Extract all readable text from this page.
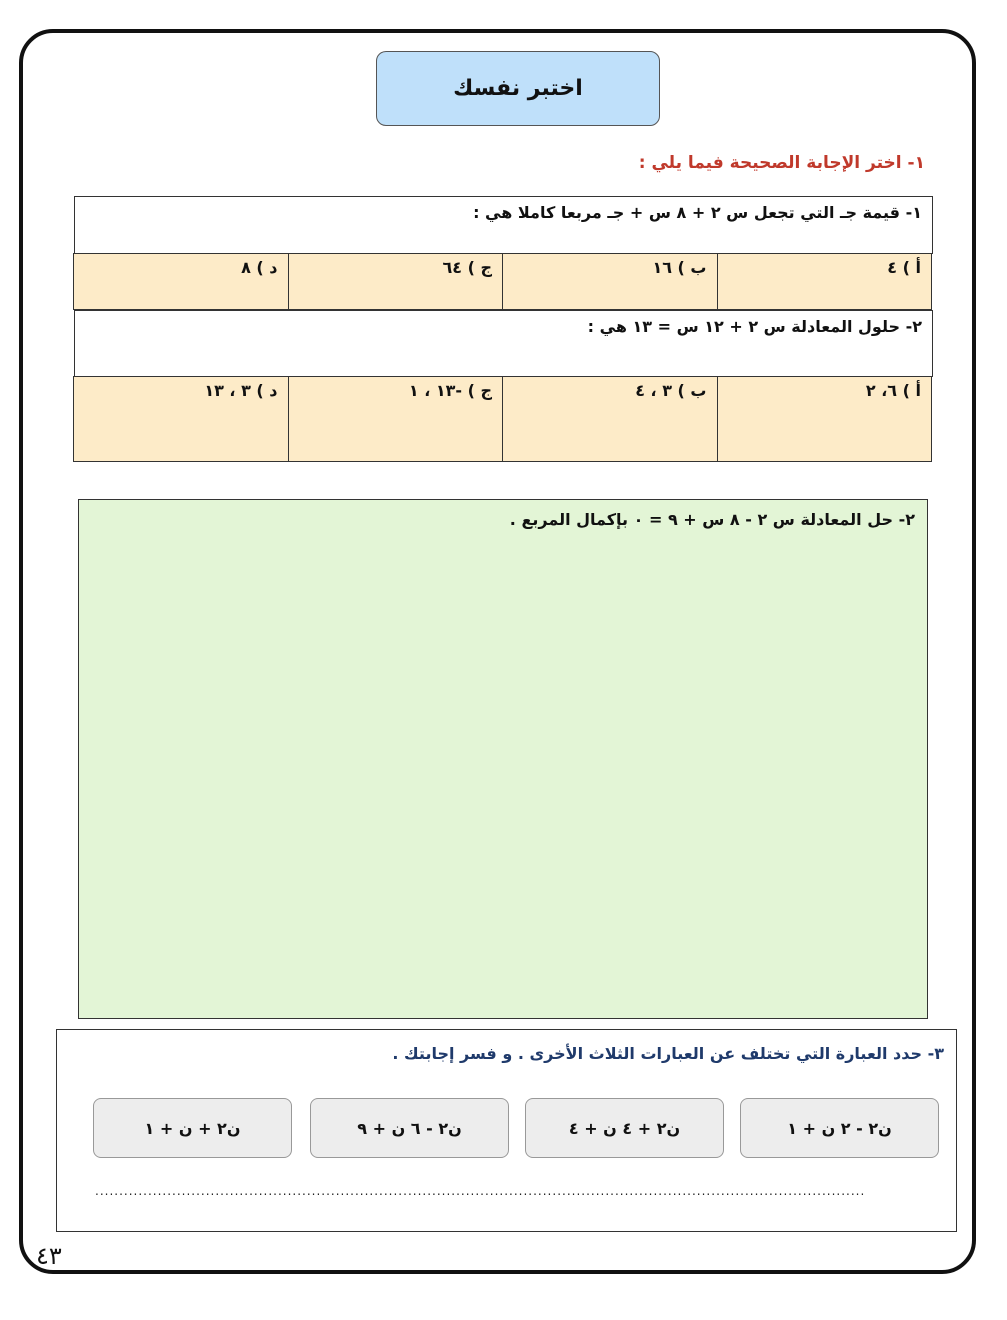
اختبر نفسك
١- اختر الإجابة الصحيحة فيما يلي :
١- قيمة جـ التي تجعل س ٢ + ٨ س + جـ مربعا كاملا هي :
أ ) ٤
ب ) ١٦
ج ) ٦٤
د ) ٨
٢- حلول المعادلة س ٢ + ١٢ س = ١٣ هي :
أ ) ٦، ٢
ب ) ٣ ، ٤
ج ) -١٣ ، ١
د ) ٣ ، ١٣
٢- حل المعادلة س ٢ - ٨ س + ٩ = ٠ بإكمال المربع .
٣- حدد العبارة التي تختلف عن العبارات الثلاث الأخرى . و فسر إجابتك .
ن٢ - ٢ ن + ١
ن٢ + ٤ ن + ٤
ن٢ - ٦ ن + ٩
ن٢ + ن + ١
................................................................................................................................................................
٤٣
